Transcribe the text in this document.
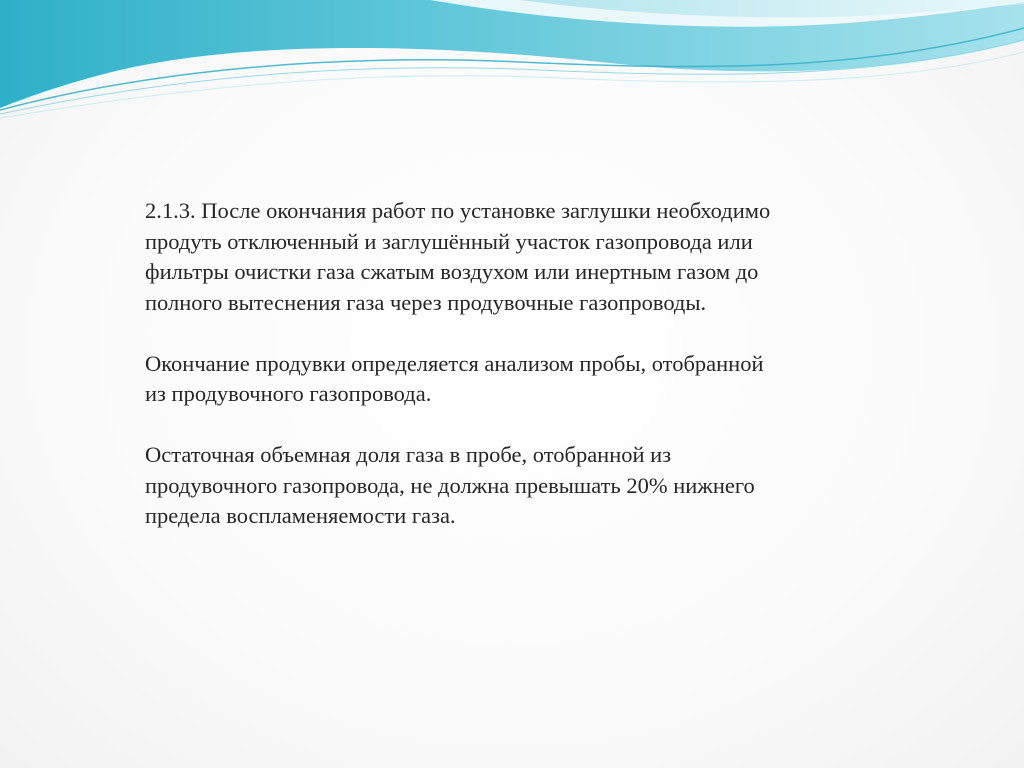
2.1.3. После окончания работ по установке заглушки необходимо
продуть отключенный и заглушённый участок газопровода или
фильтры очистки газа сжатым воздухом или инертным газом до
полного вытеснения газа через продувочные газопроводы.
Окончание продувки определяется анализом пробы, отобранной
из продувочного газопровода.
Остаточная объемная доля газа в пробе, отобранной из
продувочного газопровода, не должна превышать 20% нижнего
предела воспламеняемости газа.
